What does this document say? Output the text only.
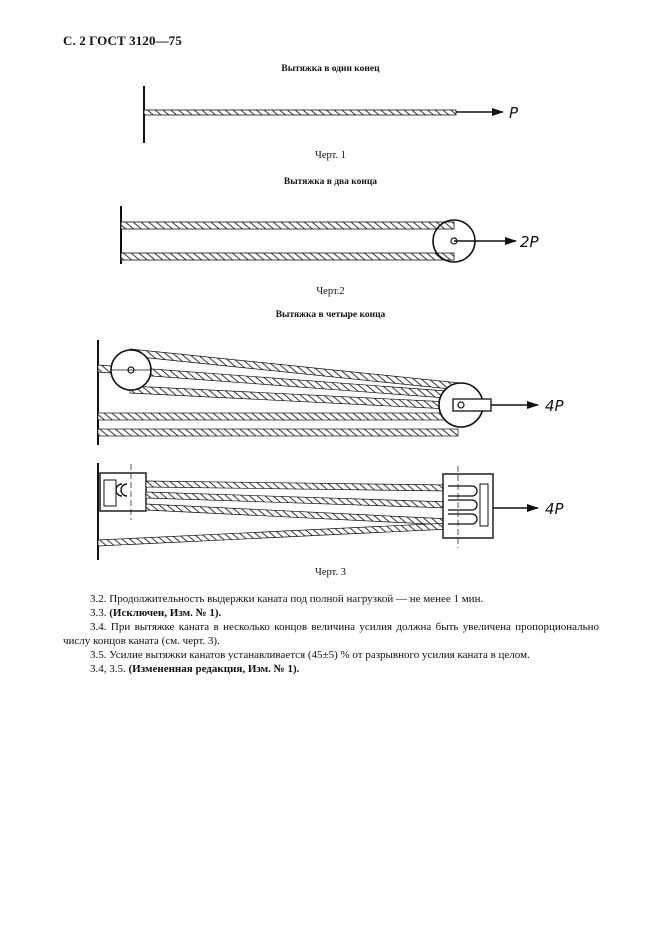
С. 2 ГОСТ 3120—75
Вытяжка в один конец
Черт. 1
Вытяжка в два конца
Черт.2
Вытяжка в четыре конца
Черт. 3
P
2P
4P
4P

3.2. Продолжительность выдержки каната под полной нагрузкой — не менее 1 мин.

3.3. (Исключен, Изм. № 1).

3.4. При вытяжке каната в несколько концов величина усилия должна быть увеличена пропорционально числу концов каната (см. черт. 3).

3.5. Усилие вытяжки канатов устанавливается (45±5) % от разрывного усилия каната в целом.

3.4, 3.5. (Измененная редакция, Изм. № 1).
